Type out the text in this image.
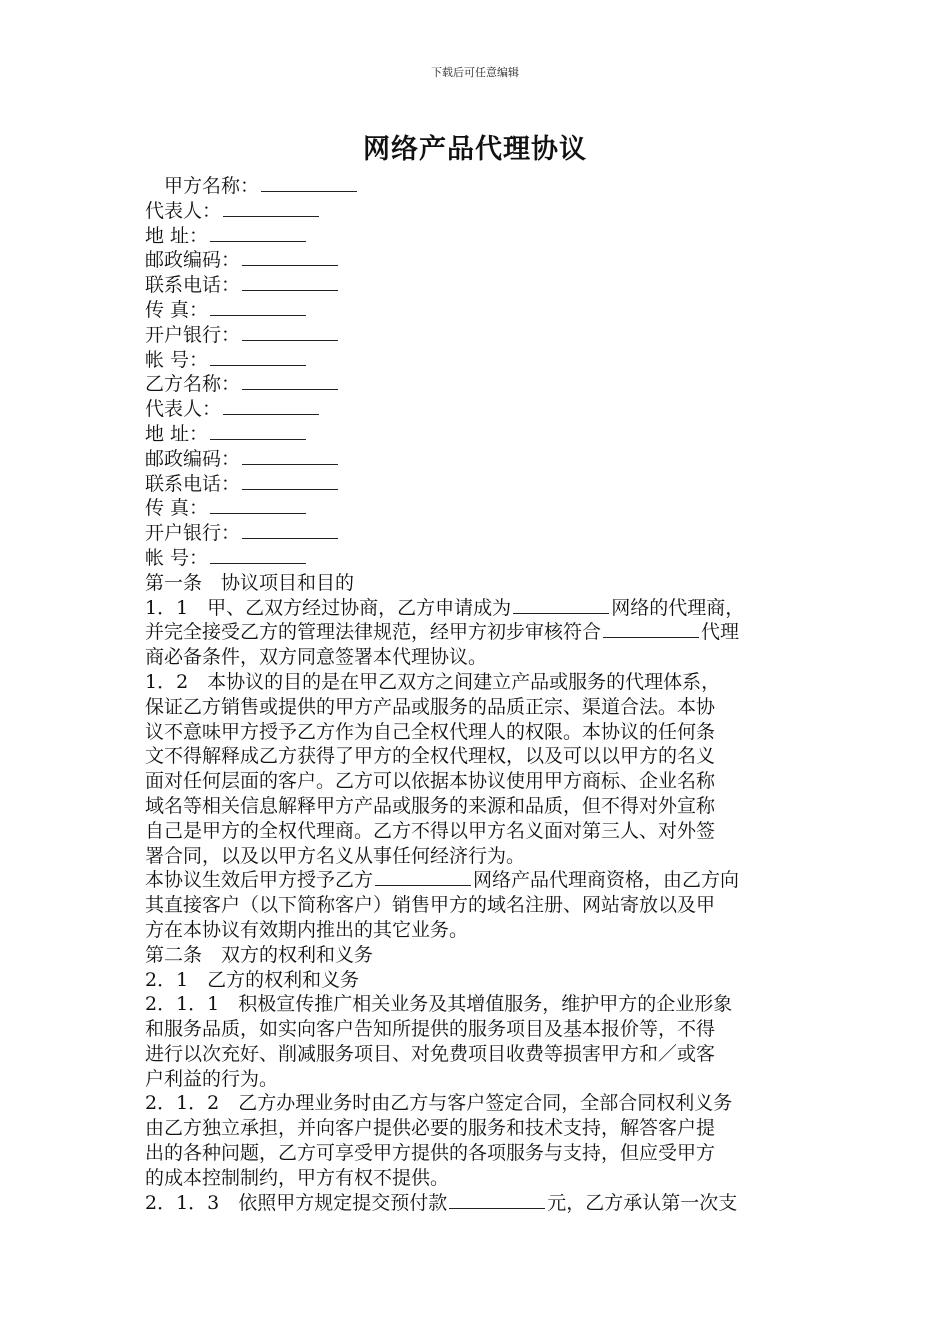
下载后可任意编辑
网络产品代理协议
甲方名称：
代表人：
地 址：
邮政编码：
联系电话：
传 真：
开户银行：
帐 号：
乙方名称：
代表人：
地 址：
邮政编码：
联系电话：
传 真：
开户银行：
帐 号：
第一条　协议项目和目的
1．1　甲、乙双方经过协商，乙方申请成为	网络的代理商，
并完全接受乙方的管理法律规范，经甲方初步审核符合	代理
商必备条件，双方同意签署本代理协议。
1．2　本协议的目的是在甲乙双方之间建立产品或服务的代理体系，
保证乙方销售或提供的甲方产品或服务的品质正宗、渠道合法。本协
议不意味甲方授予乙方作为自己全权代理人的权限。本协议的任何条
文不得解释成乙方获得了甲方的全权代理权，以及可以以甲方的名义
面对任何层面的客户。乙方可以依据本协议使用甲方商标、企业名称
域名等相关信息解释甲方产品或服务的来源和品质，但不得对外宣称
自己是甲方的全权代理商。乙方不得以甲方名义面对第三人、对外签
署合同，以及以甲方名义从事任何经济行为。
本协议生效后甲方授予乙方	网络产品代理商资格，由乙方向
其直接客户（以下简称客户）销售甲方的域名注册、网站寄放以及甲
方在本协议有效期内推出的其它业务。
第二条　双方的权利和义务
2．1　乙方的权利和义务
2．1．1　积极宣传推广相关业务及其增值服务，维护甲方的企业形象
和服务品质，如实向客户告知所提供的服务项目及基本报价等，不得
进行以次充好、削减服务项目、对免费项目收费等损害甲方和／或客
户利益的行为。
2．1．2　乙方办理业务时由乙方与客户签定合同，全部合同权利义务
由乙方独立承担，并向客户提供必要的服务和技术支持，解答客户提
出的各种问题，乙方可享受甲方提供的各项服务与支持，但应受甲方
的成本控制制约，甲方有权不提供。
2．1．3　依照甲方规定提交预付款	元，乙方承认第一次支
